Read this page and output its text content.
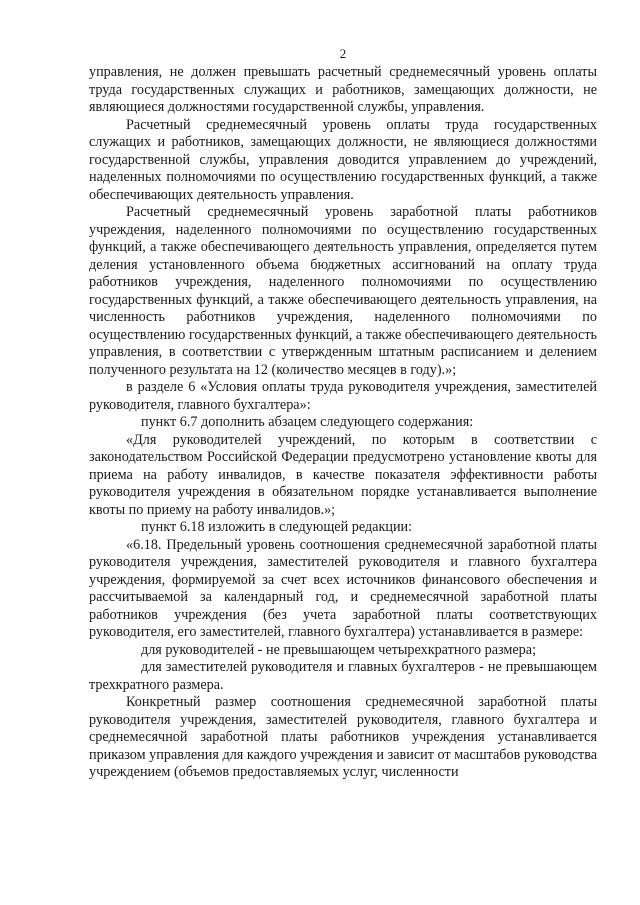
2

управления, не должен превышать расчетный среднемесячный уровень оплаты труда государственных служащих и работников, замещающих должности, не являющиеся должностями государственной службы, управления.

Расчетный среднемесячный уровень оплаты труда государственных служащих и работников, замещающих должности, не являющиеся должностями государственной службы, управления доводится управлением до учреждений, наделенных полномочиями по осуществлению государственных функций, а также обеспечивающих деятельность управления.

Расчетный среднемесячный уровень заработной платы работников учреждения, наделенного полномочиями по осуществлению государственных функций, а также обеспечивающего деятельность управления, определяется путем деления установленного объема бюджетных ассигнований на оплату труда работников учреждения, наделенного полномочиями по осуществлению государственных функций, а также обеспечивающего деятельность управления, на численность работников учреждения, наделенного полномочиями по осуществлению государственных функций, а также обеспечивающего деятельность управления, в соответствии с утвержденным штатным расписанием и делением полученного результата на 12 (количество месяцев в году).»;

в разделе 6 «Условия оплаты труда руководителя учреждения, заместителей руководителя, главного бухгалтера»:

пункт 6.7 дополнить абзацем следующего содержания:

«Для руководителей учреждений, по которым в соответствии с законодательством Российской Федерации предусмотрено установление квоты для приема на работу инвалидов, в качестве показателя эффективности работы руководителя учреждения в обязательном порядке устанавливается выполнение квоты по приему на работу инвалидов.»;

пункт 6.18 изложить в следующей редакции:

«6.18. Предельный уровень соотношения среднемесячной заработной платы руководителя учреждения, заместителей руководителя и главного бухгалтера учреждения, формируемой за счет всех источников финансового обеспечения и рассчитываемой за календарный год, и среднемесячной заработной платы работников учреждения (без учета заработной платы соответствующих руководителя, его заместителей, главного бухгалтера) устанавливается в размере:

для руководителей - не превышающем четырехкратного размера;

для заместителей руководителя и главных бухгалтеров - не превышающем трехкратного размера.

Конкретный размер соотношения среднемесячной заработной платы руководителя учреждения, заместителей руководителя, главного бухгалтера и среднемесячной заработной платы работников учреждения устанавливается приказом управления для каждого учреждения и зависит от масштабов руководства учреждением (объемов предоставляемых услуг, численности
